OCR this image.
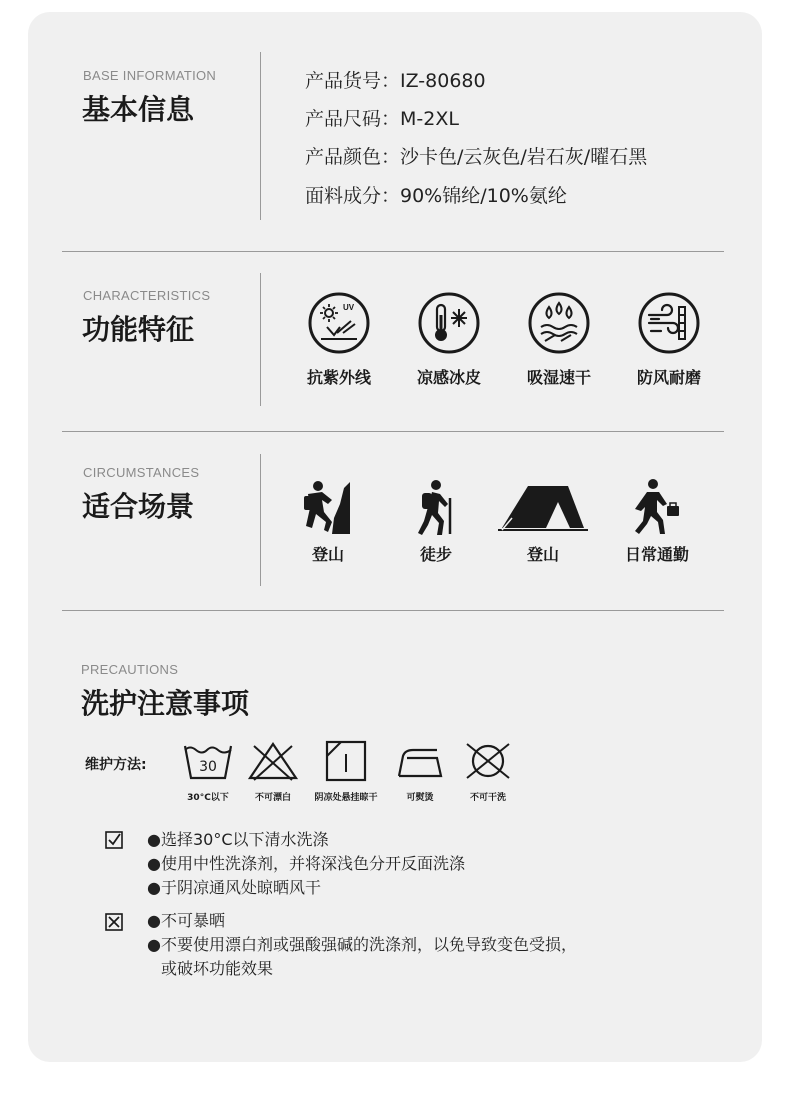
BASE INFORMATION
基本信息
产品货号：IZ-80680
产品尺码：M-2XL
产品颜色：沙卡色/云灰色/岩石灰/曜石黑
面料成分：90%锦纶/10%氨纶
CHARACTERISTICS
功能特征
UV
抗紫外线	凉感冰皮	吸湿速干	防风耐磨
CIRCUMSTANCES
适合场景
登山	徒步	登山	日常通勤
PRECAUTIONS
洗护注意事项
维护方法:	30
30°C以下	不可漂白	阴凉处悬挂晾干	可熨烫	不可干洗
● 选择30°C以下清水洗涤
● 使用中性洗涤剂，并将深浅色分开反面洗涤
● 于阴凉通风处晾晒风干
● 不可暴晒
● 不要使用漂白剂或强酸强碱的洗涤剂，以免导致变色受损，
或破坏功能效果
